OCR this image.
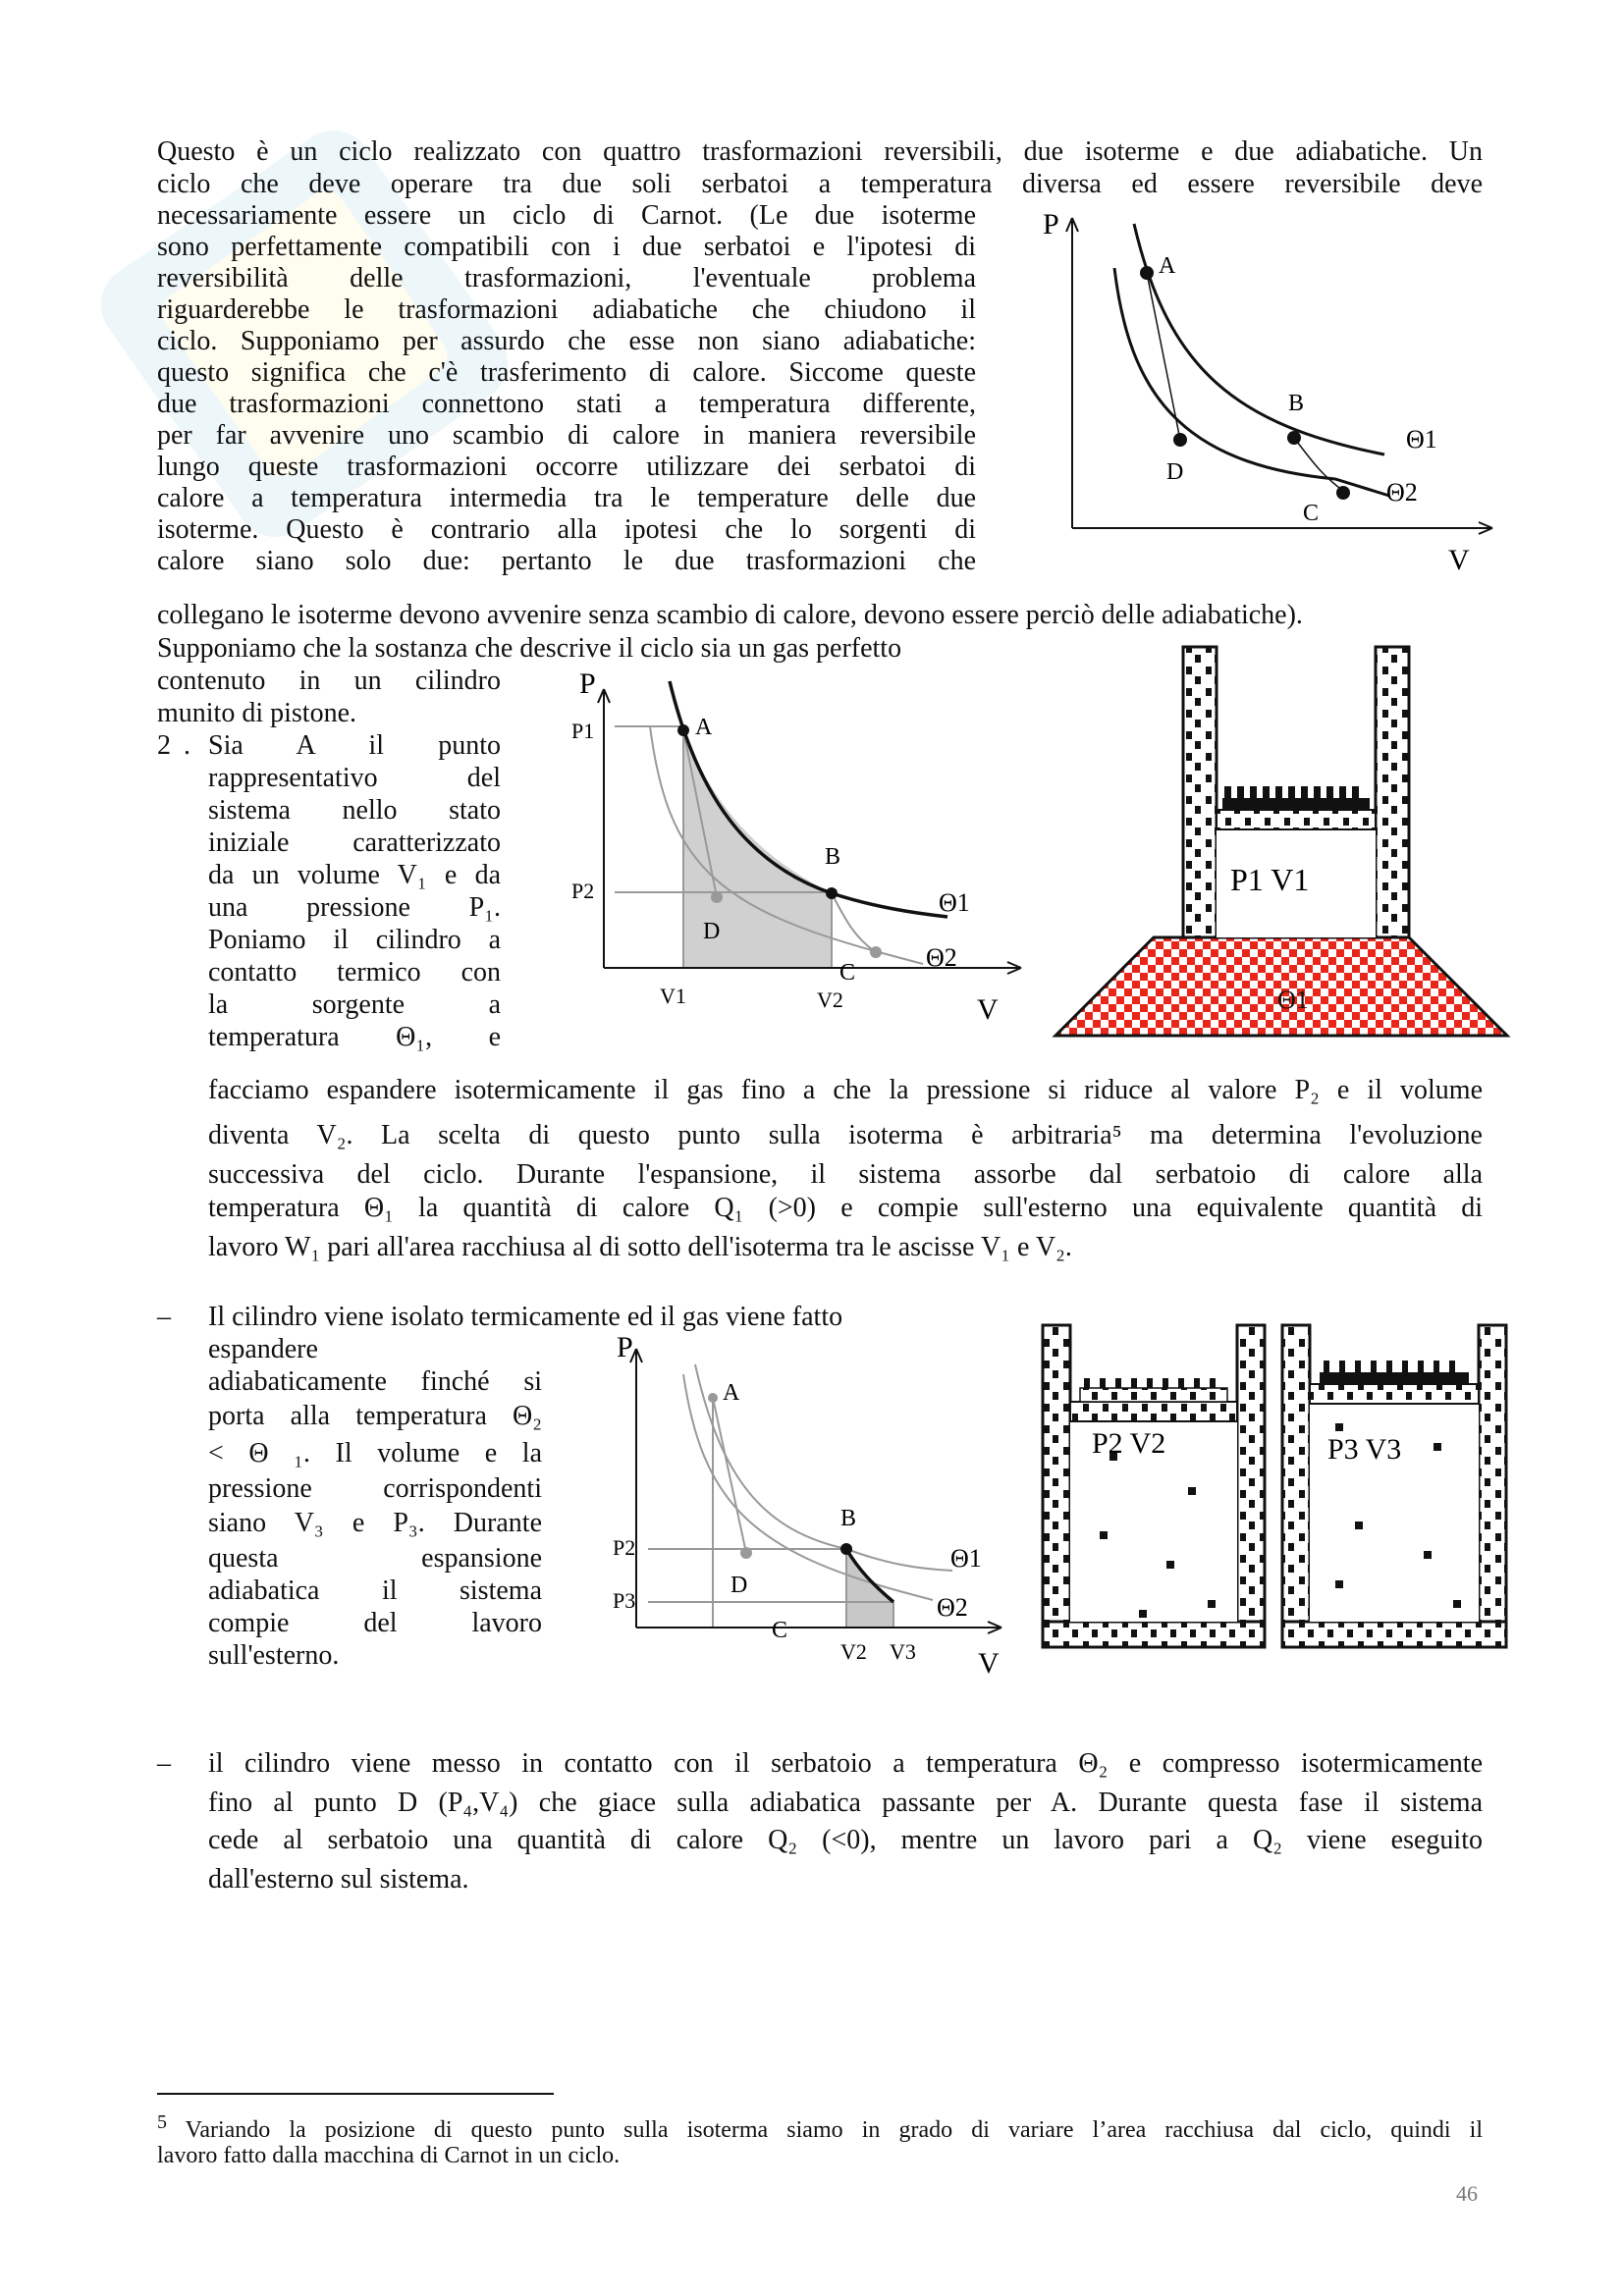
Questo è un ciclo realizzato con quattro trasformazioni reversibili, due isoterme e due adiabatiche. Un
ciclo che deve operare tra due soli serbatoi a temperatura diversa ed essere reversibile deve
necessariamente essere un ciclo di Carnot. (Le due isoterme
sono perfettamente compatibili con i due serbatoi e l'ipotesi di
reversibilità delle trasformazioni, l'eventuale problema
riguarderebbe le trasformazioni adiabatiche che chiudono il
ciclo. Supponiamo per assurdo che esse non siano adiabatiche:
questo significa che c'è trasferimento di calore. Siccome queste
due trasformazioni connettono stati a temperatura differente,
per far avvenire uno scambio di calore in maniera reversibile
lungo queste trasformazioni occorre utilizzare dei serbatoi di
calore a temperatura intermedia tra le temperature delle due
isoterme. Questo è contrario alla ipotesi che lo sorgenti di
calore siano solo due: pertanto le due trasformazioni che
collegano le isoterme devono avvenire senza scambio di calore, devono essere perciò delle adiabatiche).
P
V
A
B
C
D
Θ1
Θ2
Supponiamo che la sostanza che descrive il ciclo sia un gas perfetto
contenuto in un cilindro
munito di pistone.
2 . Sia A il punto
rappresentativo del
sistema nello stato
iniziale caratterizzato
da un volume V₁ e da
una pressione P₁.
Poniamo il cilindro a
contatto termico con
la sorgente a
temperatura Θ₁, e
P
V
P1
P2
V1	V2
A
B
C
D
Θ1
Θ2
P1 V1
Θ1
facciamo espandere isotermicamente il gas fino a che la pressione si riduce al valore P₂ e il volume
diventa V₂. La scelta di questo punto sulla isoterma è arbitraria⁵ ma determina l'evoluzione
successiva del ciclo. Durante l'espansione, il sistema assorbe dal serbatoio di calore alla
temperatura Θ₁ la quantità di calore Q₁ (>0) e compie sull'esterno una equivalente quantità di
lavoro W₁ pari all'area racchiusa al di sotto dell'isoterma tra le ascisse V₁ e V₂.
– Il cilindro viene isolato termicamente ed il gas viene fatto
espandere
adiabaticamente finché si
porta alla temperatura Θ₂
< Θ ₁. Il volume e la
pressione corrispondenti
siano V₃ e P₃. Durante
questa espansione
adiabatica il sistema
compie del lavoro
sull'esterno.
P
V
P2
P3
V2 V3
A
B
C
D
Θ1
Θ2
P2 V2	P3 V3
– il cilindro viene messo in contatto con il serbatoio a temperatura Θ₂ e compresso isotermicamente
fino al punto D (P₄,V₄) che giace sulla adiabatica passante per A. Durante questa fase il sistema
cede al serbatoio una quantità di calore Q₂ (<0), mentre un lavoro pari a Q₂ viene eseguito
dall'esterno sul sistema.
$^5$ Variando la posizione di questo punto sulla isoterma siamo in grado di variare l’area racchiusa dal ciclo, quindi il
lavoro fatto dalla macchina di Carnot in un ciclo.
46
